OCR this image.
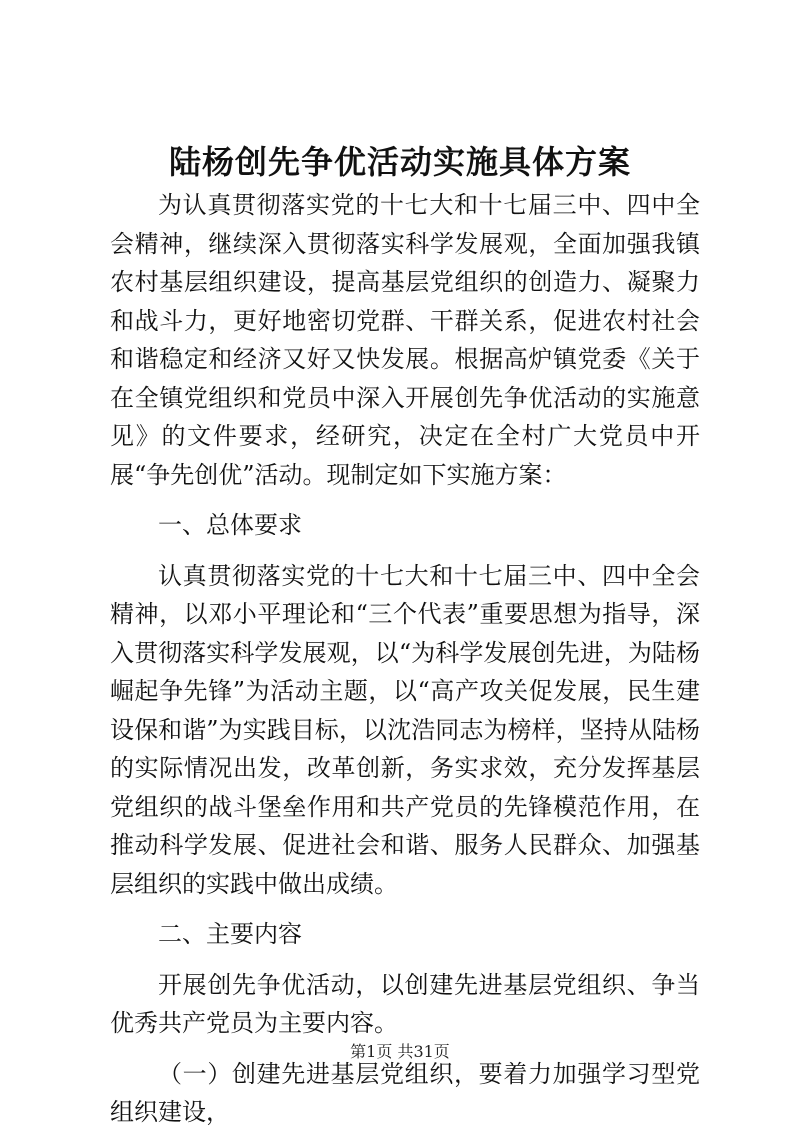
陆杨创先争优活动实施具体方案

为认真贯彻落实党的十七大和十七届三中、四中全会精神，继续深入贯彻落实科学发展观，全面加强我镇农村基层组织建设，提高基层党组织的创造力、凝聚力和战斗力，更好地密切党群、干群关系，促进农村社会和谐稳定和经济又好又快发展。根据高炉镇党委《关于在全镇党组织和党员中深入开展创先争优活动的实施意见》的文件要求，经研究，决定在全村广大党员中开展“争先创优”活动。现制定如下实施方案：

一、总体要求

认真贯彻落实党的十七大和十七届三中、四中全会精神，以邓小平理论和“三个代表”重要思想为指导，深入贯彻落实科学发展观，以“为科学发展创先进，为陆杨崛起争先锋”为活动主题，以“高产攻关促发展，民生建设保和谐”为实践目标，以沈浩同志为榜样，坚持从陆杨的实际情况出发，改革创新，务实求效，充分发挥基层党组织的战斗堡垒作用和共产党员的先锋模范作用，在推动科学发展、促进社会和谐、服务人民群众、加强基层组织的实践中做出成绩。

二、主要内容

开展创先争优活动，以创建先进基层党组织、争当优秀共产党员为主要内容。

（一）创建先进基层党组织，要着力加强学习型党组织建设，

第1页 共31页
